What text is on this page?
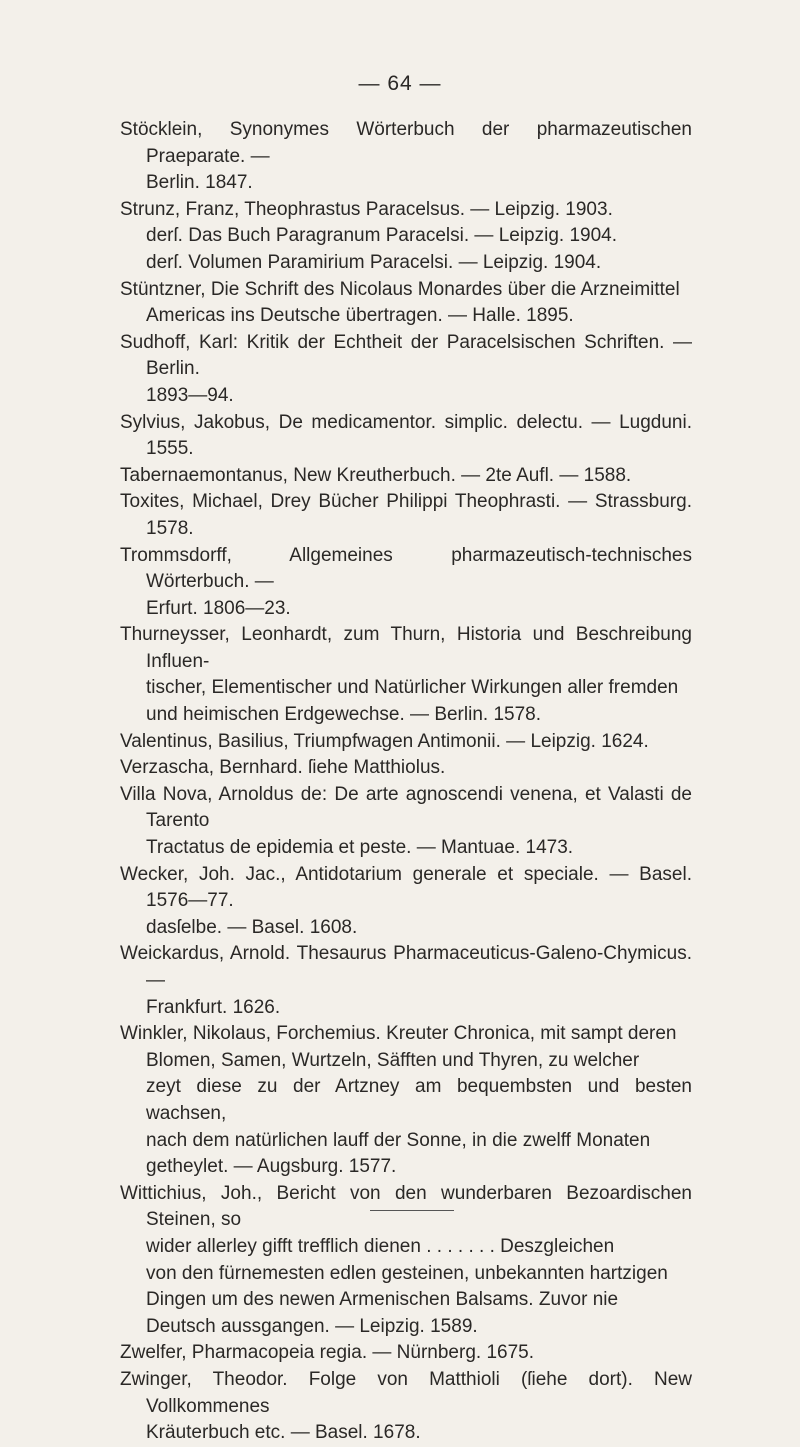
— 64 —
Stöcklein, Synonymes Wörterbuch der pharmazeutischen Praeparate. —
Berlin. 1847.
Strunz, Franz, Theophrastus Paracelsus. — Leipzig. 1903.
derſ. Das Buch Paragranum Paracelsi. — Leipzig. 1904.
derſ. Volumen Paramirium Paracelsi. — Leipzig. 1904.
Stüntzner, Die Schrift des Nicolaus Monardes über die Arzneimittel
Americas ins Deutsche übertragen. — Halle. 1895.
Sudhoff, Karl: Kritik der Echtheit der Paracelsischen Schriften. — Berlin.
1893—94.
Sylvius, Jakobus, De medicamentor. simplic. delectu. — Lugduni. 1555.
Tabernaemontanus, New Kreutherbuch. — 2te Aufl. — 1588.
Toxites, Michael, Drey Bücher Philippi Theophrasti. — Strassburg. 1578.
Trommsdorff, Allgemeines pharmazeutisch-technisches Wörterbuch. —
Erfurt. 1806—23.
Thurneysser, Leonhardt, zum Thurn, Historia und Beschreibung Influen-
tischer, Elementischer und Natürlicher Wirkungen aller fremden
und heimischen Erdgewechse. — Berlin. 1578.
Valentinus, Basilius, Triumpfwagen Antimonii. — Leipzig. 1624.
Verzascha, Bernhard. ſiehe Matthiolus.
Villa Nova, Arnoldus de: De arte agnoscendi venena, et Valasti de Tarento
Tractatus de epidemia et peste. — Mantuae. 1473.
Wecker, Joh. Jac., Antidotarium generale et speciale. — Basel. 1576—77.
dasſelbe. — Basel. 1608.
Weickardus, Arnold. Thesaurus Pharmaceuticus-Galeno-Chymicus. —
Frankfurt. 1626.
Winkler, Nikolaus, Forchemius. Kreuter Chronica, mit sampt deren
Blomen, Samen, Wurtzeln, Säfften und Thyren, zu welcher
zeyt diese zu der Artzney am bequembsten und besten wachsen,
nach dem natürlichen lauff der Sonne, in die zwelff Monaten
getheylet. — Augsburg. 1577.
Wittichius, Joh., Bericht von den wunderbaren Bezoardischen Steinen, so
wider allerley gifft trefflich dienen . . . . . . . Deszgleichen
von den fürnemesten edlen gesteinen, unbekannten hartzigen
Dingen um des newen Armenischen Balsams. Zuvor nie
Deutsch aussgangen. — Leipzig. 1589.
Zwelfer, Pharmacopeia regia. — Nürnberg. 1675.
Zwinger, Theodor. Folge von Matthioli (ſiehe dort). New Vollkommenes
Kräuterbuch etc. — Basel. 1678.
